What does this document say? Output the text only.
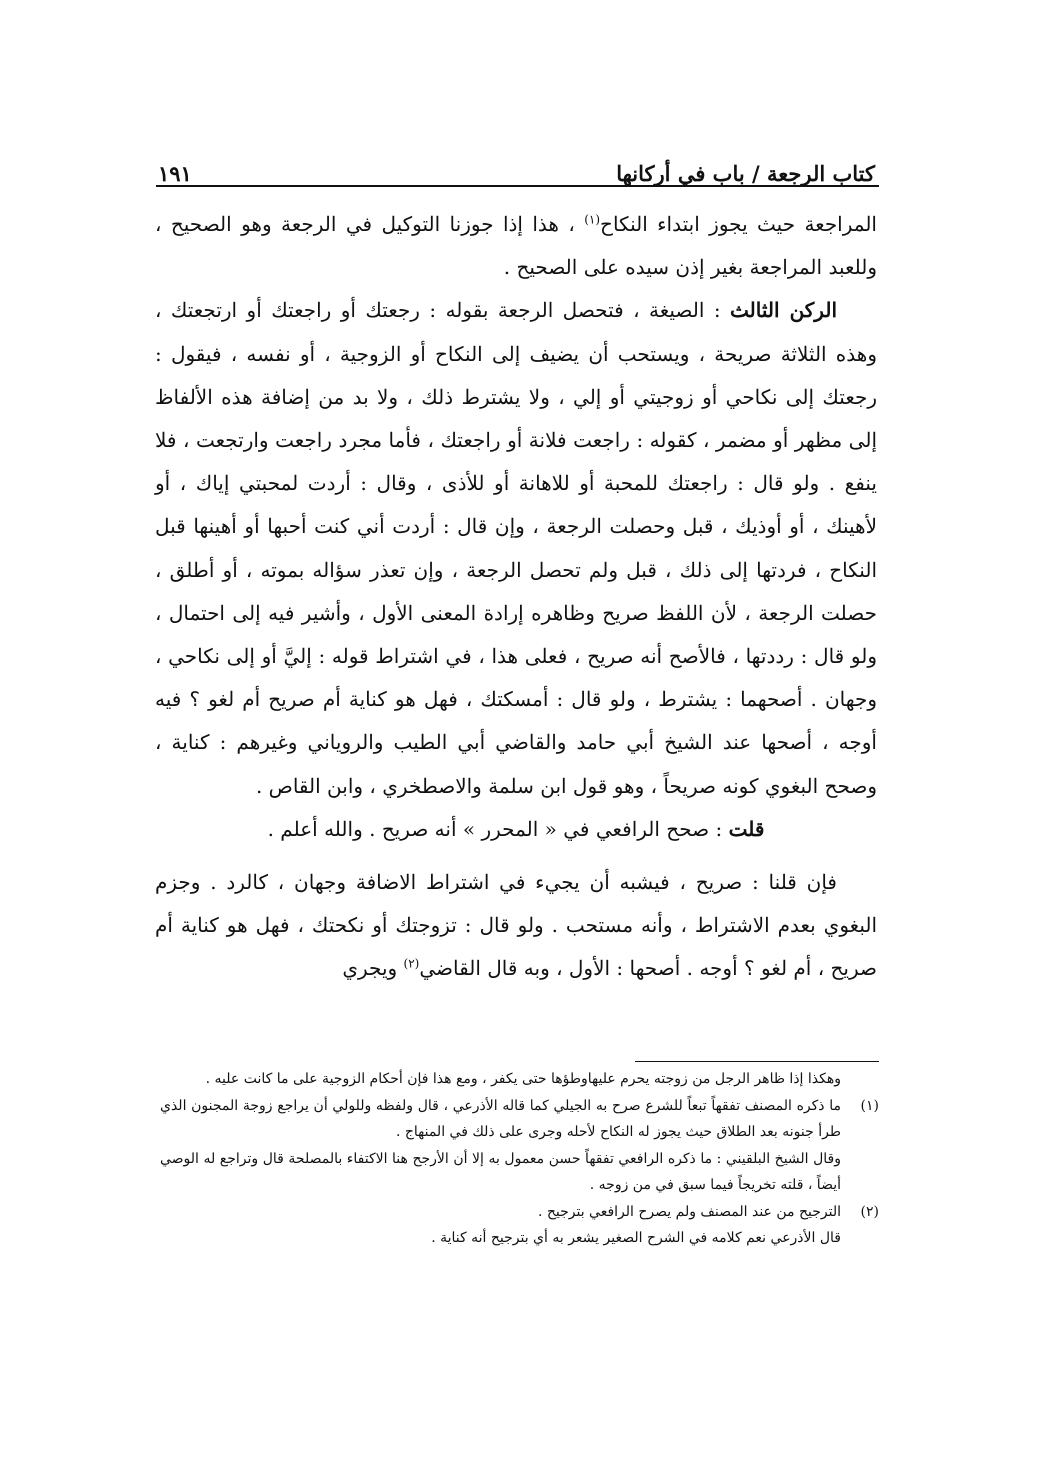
كتاب الرجعة / باب في أركانها
١٩١

المراجعة حيث يجوز ابتداء النكاح$^{(١)}$ ، هذا إذا جوزنا التوكيل في الرجعة وهو الصحيح ، وللعبد المراجعة بغير إذن سيده على الصحيح .

الركن الثالث : الصيغة ، فتحصل الرجعة بقوله : رجعتك أو راجعتك أو ارتجعتك ، وهذه الثلاثة صريحة ، ويستحب أن يضيف إلى النكاح أو الزوجية ، أو نفسه ، فيقول : رجعتك إلى نكاحي أو زوجيتي أو إلي ، ولا يشترط ذلك ، ولا بد من إضافة هذه الألفاظ إلى مظهر أو مضمر ، كقوله : راجعت فلانة أو راجعتك ، فأما مجرد راجعت وارتجعت ، فلا ينفع . ولو قال : راجعتك للمحبة أو للاهانة أو للأذى ، وقال : أردت لمحبتي إياك ، أو لأهينك ، أو أوذيك ، قبل وحصلت الرجعة ، وإن قال : أردت أني كنت أحبها أو أهينها قبل النكاح ، فردتها إلى ذلك ، قبل ولم تحصل الرجعة ، وإن تعذر سؤاله بموته ، أو أطلق ، حصلت الرجعة ، لأن اللفظ صريح وظاهره إرادة المعنى الأول ، وأشير فيه إلى احتمال ، ولو قال : رددتها ، فالأصح أنه صريح ، فعلى هذا ، في اشتراط قوله : إليَّ أو إلى نكاحي ، وجهان . أصحهما : يشترط ، ولو قال : أمسكتك ، فهل هو كناية أم صريح أم لغو ؟ فيه أوجه ، أصحها عند الشيخ أبي حامد والقاضي أبي الطيب والروياني وغيرهم : كناية ، وصحح البغوي كونه صريحاً ، وهو قول ابن سلمة والاصطخري ، وابن القاص .

قلت : صحح الرافعي في « المحرر » أنه صريح . والله أعلم .

فإن قلنا : صريح ، فيشبه أن يجيء في اشتراط الاضافة وجهان ، كالرد . وجزم البغوي بعدم الاشتراط ، وأنه مستحب . ولو قال : تزوجتك أو نكحتك ، فهل هو كناية أم صريح ، أم لغو ؟ أوجه . أصحها : الأول ، وبه قال القاضي$^{(٢)}$ ويجري

وهكذا إذا ظاهر الرجل من زوجته يحرم عليهاوطؤها حتى يكفر ، ومع هذا فإن أحكام الزوجية على ما كانت عليه .

(١)

ما ذكره المصنف تفقهاً تبعاً للشرع صرح به الجيلي كما قاله الأذرعي ، قال ولفظه وللولي أن يراجع زوجة المجنون الذي طرأ جنونه بعد الطلاق حيث يجوز له النكاح لأحله وجرى على ذلك في المنهاج .

وقال الشيخ البلقيني : ما ذكره الرافعي تفقهاً حسن معمول به إلا أن الأرجح هنا الاكتفاء بالمصلحة قال وتراجع له الوصي أيضاً ، قلته تخريجاً فيما سبق في من زوجه .

(٢)

الترجيح من عند المصنف ولم يصرح الرافعي بترجيح .

قال الأذرعي نعم كلامه في الشرح الصغير يشعر به أي بترجيح أنه كناية .
